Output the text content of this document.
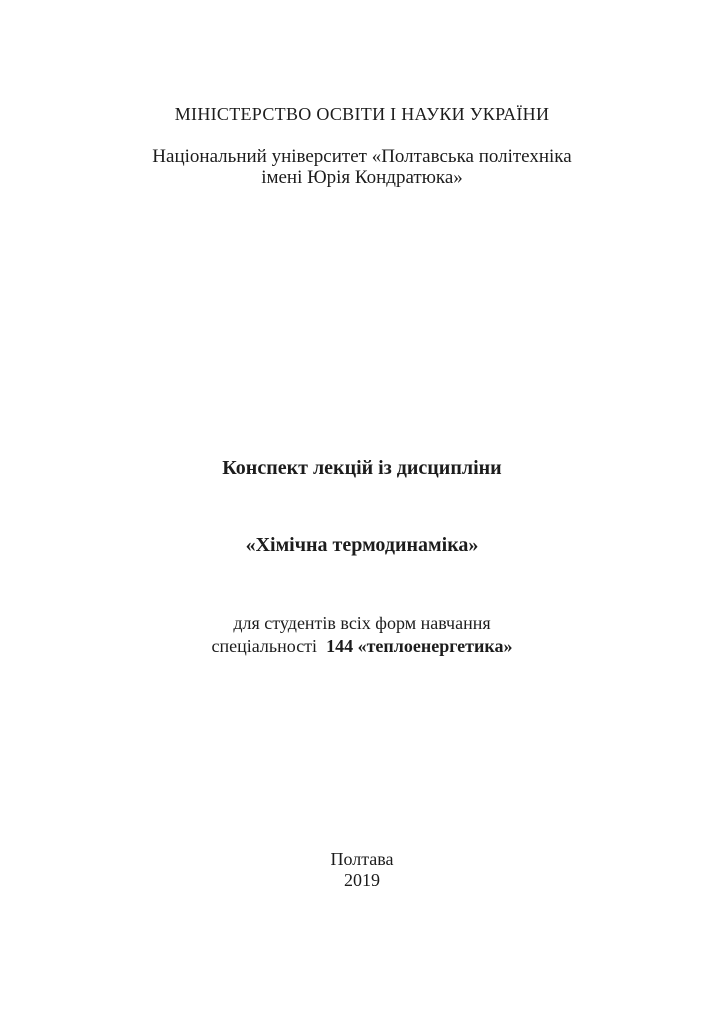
МІНІСТЕРСТВО ОСВІТИ І НАУКИ УКРАЇНИ
Національний університет «Полтавська політехніка
імені Юрія Кондратюка»
Конспект лекцій із дисципліни
«Хімічна термодинаміка»
для студентів всіх форм навчання
спеціальності  144 «теплоенергетика»
Полтава
2019
